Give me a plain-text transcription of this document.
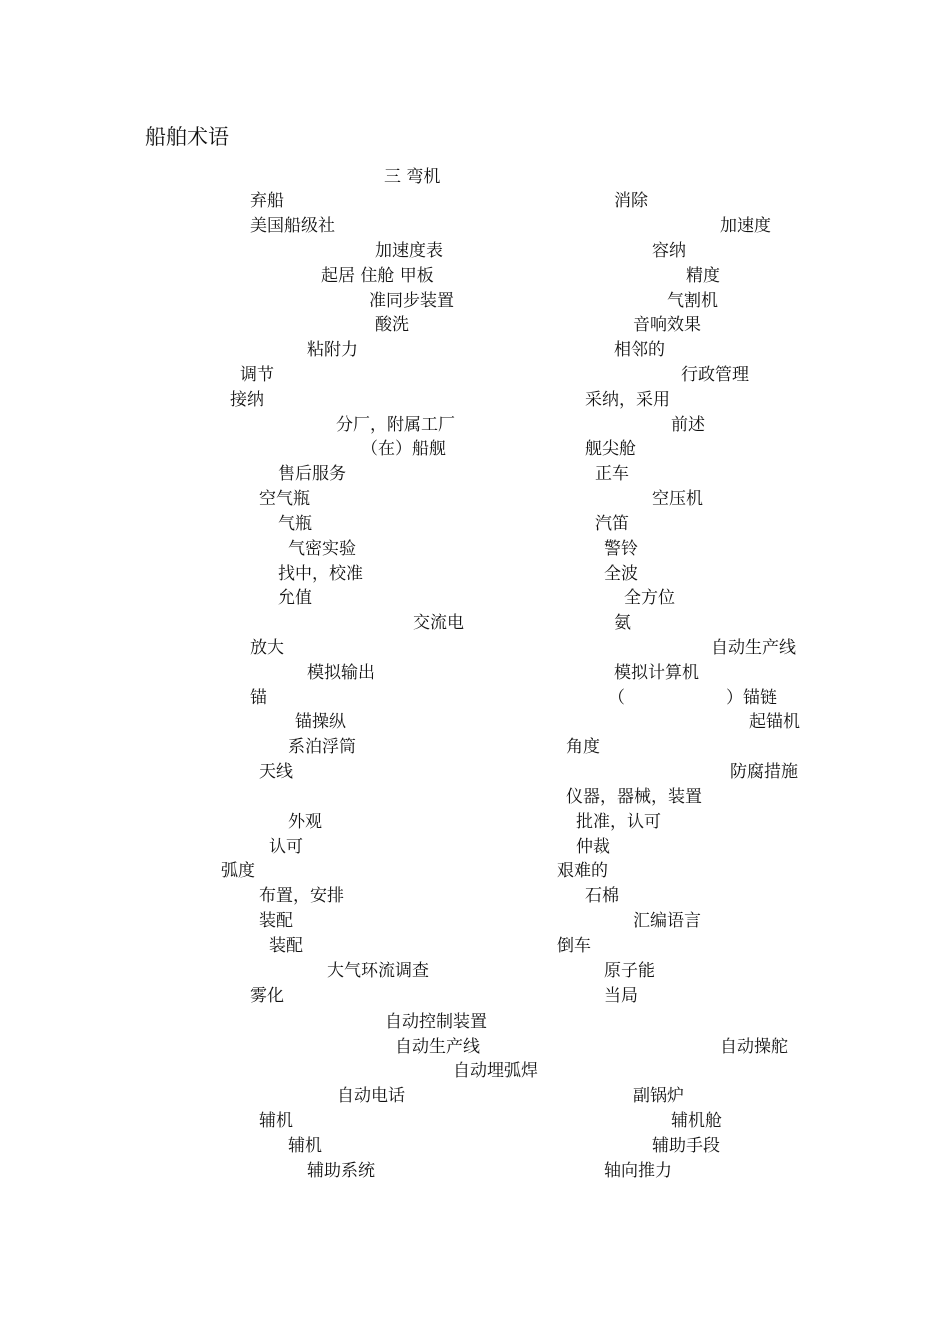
船舶术语
三 弯机
弃船
美国船级社
加速度表
起居 住舱 甲板
准同步装置
酸洗
粘附力
调节
接纳
分厂，附属工厂
（在）船舰
售后服务
空气瓶
气瓶
气密实验
找中，校准
允值
交流电
放大
模拟输出
锚
锚操纵
系泊浮筒
天线
外观
认可
弧度
布置，安排
装配
装配
大气环流调查
雾化
自动控制装置
自动生产线
自动埋弧焊
自动电话
辅机
辅机
辅助系统
消除
加速度
容纳
精度
气割机
音响效果
相邻的
行政管理
采纳，采用
前述
舰尖舱
正车
空压机
汽笛
警铃
全波
全方位
氨
自动生产线
模拟计算机
（	）锚链
起锚机
角度
防腐措施
仪器，器械，装置
批准，认可
仲裁
艰难的
石棉
汇编语言
倒车
原子能
当局
自动操舵
副锅炉
辅机舱
辅助手段
轴向推力
